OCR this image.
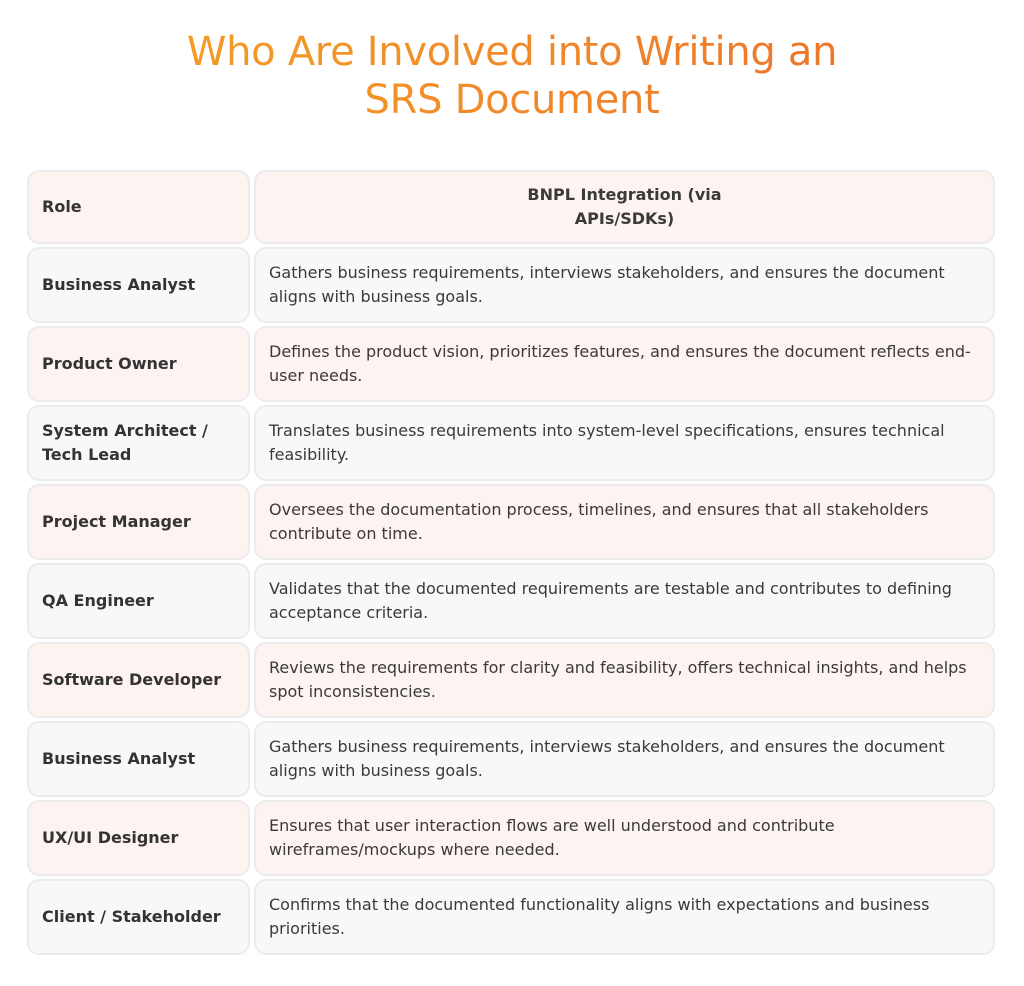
Who Are Involved into Writing an SRS Document
Role
BNPL Integration (via APIs/SDKs)
Business Analyst
Gathers business requirements, interviews stakeholders, and ensures the document aligns with business goals.
Product Owner
Defines the product vision, prioritizes features, and ensures the document reflects end-user needs.
System Architect / Tech Lead
Translates business requirements into system-level specifications, ensures technical feasibility.
Project Manager
Oversees the documentation process, timelines, and ensures that all stakeholders contribute on time.
QA Engineer
Validates that the documented requirements are testable and contributes to defining acceptance criteria.
Software Developer
Reviews the requirements for clarity and feasibility, offers technical insights, and helps spot inconsistencies.
Business Analyst
Gathers business requirements, interviews stakeholders, and ensures the document aligns with business goals.
UX/UI Designer
Ensures that user interaction flows are well understood and contribute wireframes/mockups where needed.
Client / Stakeholder
Confirms that the documented functionality aligns with expectations and business priorities.
